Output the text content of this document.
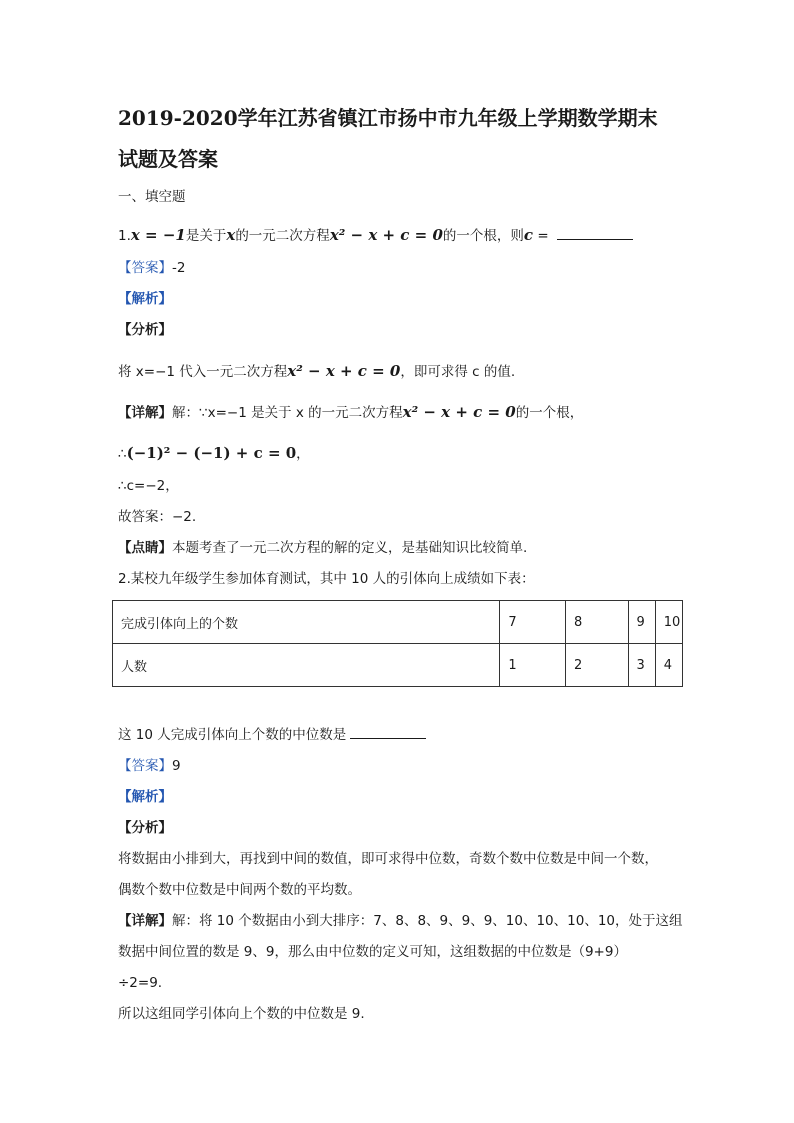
2019-2020学年江苏省镇江市扬中市九年级上学期数学期末
试题及答案
一、填空题
1.x = −1是关于x的一元二次方程x² − x + c = 0的一个根，则c =
【答案】-2
【解析】
【分析】
将 x=−1 代入一元二次方程x² − x + c = 0，即可求得 c 的值.
【详解】解：∵x=−1 是关于 x 的一元二次方程x² − x + c = 0的一个根，
∴(−1)² − (−1) + c = 0，
∴c=−2，
故答案：−2.
【点睛】本题考查了一元二次方程的解的定义，是基础知识比较简单.
2.某校九年级学生参加体育测试，其中 10 人的引体向上成绩如下表：
完成引体向上的个数	7	8	9	10
人数	1	2	3	4
这 10 人完成引体向上个数的中位数是
【答案】9
【解析】
【分析】
将数据由小排到大，再找到中间的数值，即可求得中位数，奇数个数中位数是中间一个数，
偶数个数中位数是中间两个数的平均数。
【详解】解：将 10 个数据由小到大排序：7、8、8、9、9、9、10、10、10、10，处于这组
数据中间位置的数是 9、9，那么由中位数的定义可知，这组数据的中位数是（9+9）
÷2=9.
所以这组同学引体向上个数的中位数是 9.
